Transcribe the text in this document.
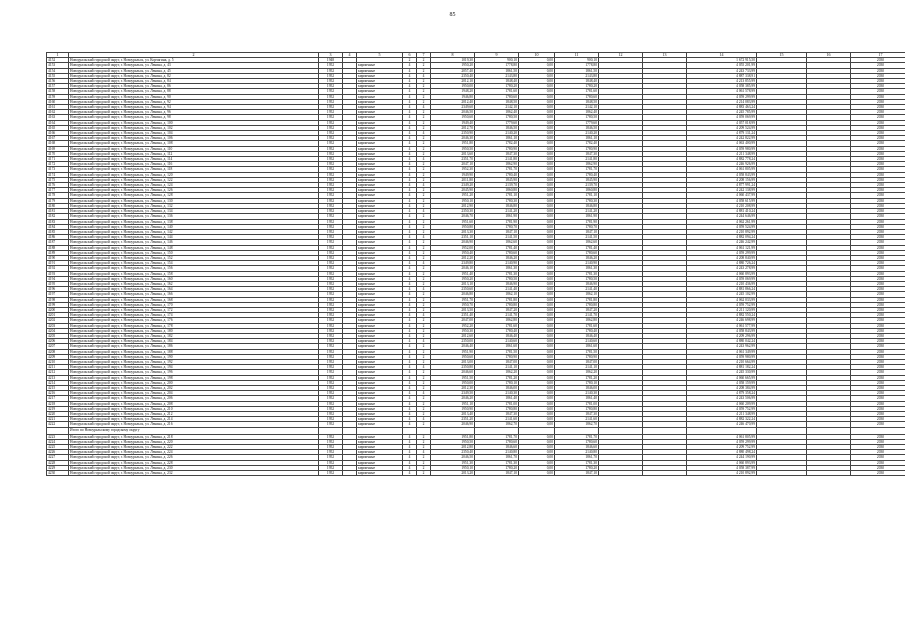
85
1	2	3	4	5	6	7	8	9	10	11	12	13	14	15	16	17
4152	Новоуральский городской округ, г. Новоуральск, ул. Корчагина, д. 5	1948			2	2	1019,30	900,10	0,00	900,10			1 672 915,50			2030
4153	Новоуральский городской округ, г. Новоуральск, ул. Ленина, д. 43	1952		кирпичные	4	2	1950,20	1778,80	0,00	1778,80			4 055 201,99			2030
4154	Новоуральский городской округ, г. Новоуральск, ул. Ленина, д. 45	1952		кирпичные	4	2	2057,40	1861,50	0,00	1861,50			4 243 733,99			2030
4155	Новоуральский городской округ, г. Новоуральск, ул. Ленина, д. 82	1952		кирпичные	4	4	2350,40	2143,80	0,00	2143,80			4 887 338,91			2030
4156	Новоуральский городской округ, г. Новоуральск, ул. Ленина, д. 84	1952		кирпичные	4	2	2012,10	1848,40	0,00	1848,40			4 213 855,99			2030
4157	Новоуральский городской округ, г. Новоуральск, ул. Ленина, д. 86	1952		кирпичные	4	2	1950,00	1780,20	0,00	1780,20			4 058 385,99			2030
4158	Новоуральский городской округ, г. Новоуральск, ул. Ленина, д. 88	1952		кирпичные	4	2	1948,20	1781,60	0,00	1781,60			4 061 578,99			2030
4159	Новоуральский городской округ, г. Новоуральск, ул. Ленина, д. 90	1952		кирпичные	4	2	1946,80	1780,60	0,00	1780,60			4 059 299,99			2030
4160	Новоуральский городской округ, г. Новоуральск, ул. Ленина, д. 92	1952		кирпичные	4	2	2012,40	1848,50	0,00	1848,50			4 214 083,99			2030
4161	Новоуральский городской округ, г. Новоуральск, ул. Ленина, д. 94	1952		кирпичные	4	4	2349,60	2142,10	0,00	2142,10			4 883 463,24			2030
4162	Новоуральский городской округ, г. Новоуральск, ул. Ленина, д. 96	1952		кирпичные	4	2	2046,50	1862,40	0,00	1862,40			4 245 785,99			2030
4163	Новоуральский городской округ, г. Новоуральск, ул. Ленина, д. 98	1952		кирпичные	4	2	1950,60	1780,50	0,00	1780,50			4 059 069,99			2030
4164	Новоуральский городской округ, г. Новоуральск, ул. Ленина, д. 100	1952		кирпичные	4	2	1949,40	1779,60	0,00	1779,60			4 057 018,99			2030
4165	Новоуральский городской округ, г. Новоуральск, ул. Ленина, д. 102	1952		кирпичные	4	2	2012,70	1846,50	0,00	1846,50			4 209 524,99			2030
4166	Новоуральский городской округ, г. Новоуральск, ул. Ленина, д. 104	1952		кирпичные	4	4	2350,90	2140,20	0,00	2140,20			4 879 131,24			2030
4167	Новоуральский городской округ, г. Новоуральск, ул. Ленина, д. 106	1952		кирпичные	4	2	2046,30	1861,10	0,00	1861,10			4 242 822,99			2030
4168	Новоуральский городской округ, г. Новоуральск, ул. Ленина, д. 108	1952		кирпичные	4	2	1951,80	1782,40	0,00	1782,40			4 063 400,99			2030
4169	Новоуральский городской округ, г. Новоуральск, ул. Ленина, д. 110	1952		кирпичные	4	2	1950,50	1780,90	0,00	1780,90			4 059 980,99			2030
4170	Новоуральский городской округ, г. Новоуральск, ул. Ленина, д. 112	1952		кирпичные	4	2	2013,60	1847,30	0,00	1847,30			4 211 348,99			2030
4171	Новоуральский городской округ, г. Новоуральск, ул. Ленина, д. 114	1952		кирпичные	4	4	2351,70	2141,80	0,00	2141,80			4 882 778,24			2030
4172	Новоуральский городской округ, г. Новоуральск, ул. Ленина, д. 116	1952		кирпичные	4	2	2047,10	1862,90	0,00	1862,90			4 246 926,99			2030
4173	Новоуральский городской округ, г. Новоуральск, ул. Ленина, д. 118	1952		кирпичные	4	2	1952,30	1781,70	0,00	1781,70			4 061 805,99			2030
4174	Новоуральский городской округ, г. Новоуральск, ул. Ленина, д. 120	1952		кирпичные	4	2	1949,90	1780,40	0,00	1780,40			4 058 843,99			2030
4175	Новоуральский городской округ, г. Новоуральск, ул. Ленина, д. 122	1952		кирпичные	4	2	2011,80	1845,90	0,00	1845,90			4 208 156,99			2030
4176	Новоуральский городской округ, г. Новоуральск, ул. Ленина, д. 124	1952		кирпичные	4	4	2349,20	2139,70	0,00	2139,70			4 877 991,24			2030
4177	Новоуральский городской округ, г. Новоуральск, ул. Ленина, д. 126	1952		кирпичные	4	2	2045,90	1860,80	0,00	1860,80			4 242 138,99			2030
4178	Новоуральский городской округ, г. Новоуральск, ул. Ленина, д. 128	1952		кирпичные	4	2	1951,20	1781,10	0,00	1781,10			4 060 437,99			2030
4179	Новоуральский городской округ, г. Новоуральск, ул. Ленина, д. 130	1952		кирпичные	4	2	1950,10	1780,30	0,00	1780,30			4 058 615,99			2030
4180	Новоуральский городской округ, г. Новоуральск, ул. Ленина, д. 132	1952		кирпичные	4	2	2012,90	1846,80	0,00	1846,80			4 210 208,99			2030
4181	Новоуральский городской округ, г. Новоуральск, ул. Ленина, д. 134	1952		кирпичные	4	4	2350,30	2141,20	0,00	2141,20			4 881 410,24			2030
4182	Новоуральский городской округ, г. Новоуральск, ул. Ленина, д. 136	1952		кирпичные	4	2	2046,70	1861,90	0,00	1861,90			4 244 646,99			2030
4183	Новоуральский городской округ, г. Новоуральск, ул. Ленина, д. 138	1952		кирпичные	4	2	1951,60	1781,90	0,00	1781,90			4 062 261,99			2030
4184	Новоуральский городской округ, г. Новоуральск, ул. Ленина, д. 140	1952		кирпичные	4	2	1950,80	1780,70	0,00	1780,70			4 059 524,99			2030
4185	Новоуральский городской округ, г. Новоуральск, ул. Ленина, д. 142	1952		кирпичные	4	2	2013,30	1847,10	0,00	1847,10			4 210 892,99			2030
4186	Новоуральский городской округ, г. Новоуральск, ул. Ленина, д. 144	1952		кирпичные	4	4	2351,10	2141,50	0,00	2141,50			4 882 094,24			2030
4187	Новоуральский городской округ, г. Новоуральск, ул. Ленина, д. 146	1952		кирпичные	4	2	2046,90	1862,60	0,00	1862,60			4 246 242,99			2030
4188	Новоуральский городской округ, г. Новоуральск, ул. Ленина, д. 148	1952		кирпичные	4	2	1952,00	1781,40	0,00	1781,40			4 061 121,99			2030
4189	Новоуральский городской округ, г. Новоуральск, ул. Ленина, д. 150	1952		кирпичные	4	2	1950,40	1780,60	0,00	1780,60			4 059 299,99			2030
4190	Новоуральский городской округ, г. Новоуральск, ул. Ленина, д. 152	1952		кирпичные	4	2	2012,20	1846,20	0,00	1846,20			4 208 840,99			2030
4191	Новоуральский городской округ, г. Новоуральск, ул. Ленина, д. 154	1952		кирпичные	4	4	2349,80	2140,90	0,00	2140,90			4 880 726,24			2030
4192	Новоуральский городской округ, г. Новоуральск, ул. Ленина, д. 156	1952		кирпичные	4	2	2046,10	1861,30	0,00	1861,30			4 243 278,99			2030
4193	Новоуральский городской округ, г. Новоуральск, ул. Ленина, д. 158	1952		кирпичные	4	2	1951,40	1781,30	0,00	1781,30			4 060 893,99			2030
4194	Новоуральский городской округ, г. Новоуральск, ул. Ленина, д. 160	1952		кирпичные	4	2	1950,20	1780,50	0,00	1780,50			4 059 069,99			2030
4195	Новоуральский городской округ, г. Новоуральск, ул. Ленина, д. 162	1952		кирпичные	4	2	2013,10	1846,90	0,00	1846,90			4 210 436,99			2030
4196	Новоуральский городской округ, г. Новоуральск, ул. Ленина, д. 164	1952		кирпичные	4	4	2350,60	2141,40	0,00	2141,40			4 881 866,24			2030
4197	Новоуральский городской округ, г. Новоуральск, ул. Ленина, д. 166	1952		кирпичные	4	2	2046,80	1862,10	0,00	1862,10			4 245 102,99			2030
4198	Новоуральский городской округ, г. Новоуральск, ул. Ленина, д. 168	1952		кирпичные	4	2	1951,70	1781,80	0,00	1781,80			4 062 033,99			2030
4199	Новоуральский городской округ, г. Новоуральск, ул. Ленина, д. 170	1952		кирпичные	4	2	1950,70	1780,80	0,00	1780,80			4 059 752,99			2030
4200	Новоуральский городской округ, г. Новоуральск, ул. Ленина, д. 172	1952		кирпичные	4	2	2013,50	1847,20	0,00	1847,20			4 211 120,99			2030
4201	Новоуральский городской округ, г. Новоуральск, ул. Ленина, д. 174	1952		кирпичные	4	4	2351,40	2141,70	0,00	2141,70			4 882 550,24			2030
4202	Новоуральский городской округ, г. Новоуральск, ул. Ленина, д. 176	1952		кирпичные	4	2	2047,00	1862,80	0,00	1862,80			4 246 698,99			2030
4203	Новоуральский городской округ, г. Новоуральск, ул. Ленина, д. 178	1952		кирпичные	4	2	1952,20	1781,60	0,00	1781,60			4 061 577,99			2030
4204	Новоуральский городской округ, г. Новоуральск, ул. Ленина, д. 180	1952		кирпичные	4	2	1950,30	1780,40	0,00	1780,40			4 058 843,99			2030
4205	Новоуральский городской округ, г. Новоуральск, ул. Ленина, д. 182	1952		кирпичные	4	2	2012,60	1846,40	0,00	1846,40			4 209 296,99			2030
4206	Новоуральский городской округ, г. Новоуральск, ул. Ленина, д. 184	1952		кирпичные	4	4	2350,00	2140,60	0,00	2140,60			4 880 042,24			2030
4207	Новоуральский городской округ, г. Новоуральск, ул. Ленина, д. 186	1952		кирпичные	4	2	2046,40	1861,60	0,00	1861,60			4 243 962,99			2030
4208	Новоуральский городской округ, г. Новоуральск, ул. Ленина, д. 188	1952		кирпичные	4	2	1951,90	1781,50	0,00	1781,50			4 061 349,99			2030
4209	Новоуральский городской округ, г. Новоуральск, ул. Ленина, д. 190	1952		кирпичные	4	2	1950,60	1780,90	0,00	1780,90			4 059 980,99			2030
4210	Новоуральский городской округ, г. Новоуральск, ул. Ленина, д. 192	1952		кирпичные	4	2	2013,00	1847,00	0,00	1847,00			4 210 664,99			2030
4211	Новоуральский городской округ, г. Новоуральск, ул. Ленина, д. 194	1952		кирпичные	4	4	2350,80	2141,10	0,00	2141,10			4 881 182,24			2030
4212	Новоуральский городской округ, г. Новоуральск, ул. Ленина, д. 196	1952		кирпичные	4	2	2046,60	1862,20	0,00	1862,20			4 245 330,99			2030
4213	Новоуральский городской округ, г. Новоуральск, ул. Ленина, д. 198	1952		кирпичные	4	2	1951,50	1781,20	0,00	1781,20			4 060 665,99			2030
4214	Новоуральский городской округ, г. Новоуральск, ул. Ленина, д. 200	1952		кирпичные	4	2	1950,00	1780,10	0,00	1780,10			4 058 159,99			2030
4215	Новоуральский городской округ, г. Новоуральск, ул. Ленина, д. 202	1952		кирпичные	4	2	2012,30	1846,00	0,00	1846,00			4 208 384,99			2030
4216	Новоуральский городской округ, г. Новоуральск, ул. Ленина, д. 204	1952		кирпичные	4	4	2349,50	2140,30	0,00	2140,30			4 879 358,24			2030
4217	Новоуральский городской округ, г. Новоуральск, ул. Ленина, д. 206	1952		кирпичные	4	2	2046,20	1861,40	0,00	1861,40			4 243 506,99			2030
4218	Новоуральский городской округ, г. Новоуральск, ул. Ленина, д. 208	1952		кирпичные	4	2	1951,10	1781,00	0,00	1781,00			4 060 209,99			2030
4219	Новоуральский городской округ, г. Новоуральск, ул. Ленина, д. 210	1952		кирпичные	4	2	1950,90	1780,80	0,00	1780,80			4 059 752,99			2030
4220	Новоуральский городской округ, г. Новоуральск, ул. Ленина, д. 212	1952		кирпичные	4	2	2013,40	1847,30	0,00	1847,30			4 211 348,99			2030
4221	Новоуральский городской округ, г. Новоуральск, ул. Ленина, д. 214	1952		кирпичные	4	4	2351,20	2141,60	0,00	2141,60			4 882 322,24			2030
4222	Новоуральский городской округ, г. Новоуральск, ул. Ленина, д. 216	1952		кирпичные	4	2	2046,90	1862,70	0,00	1862,70			4 246 470,99			2030
	Итого по Новоуральскому городскому округу															
4223	Новоуральский городской округ, г. Новоуральск, ул. Ленина, д. 218	1952		кирпичные	4	2	1951,80	1781,70	0,00	1781,70			4 061 805,99			2030
4224	Новоуральский городской округ, г. Новоуральск, ул. Ленина, д. 220	1952		кирпичные	4	2	1950,50	1780,60	0,00	1780,60			4 059 299,99			2030
4225	Новоуральский городской округ, г. Новоуральск, ул. Ленина, д. 222	1952		кирпичные	4	2	2012,80	1846,60	0,00	1846,60			4 209 752,99			2030
4226	Новоуральский городской округ, г. Новоуральск, ул. Ленина, д. 224	1952		кирпичные	4	4	2350,40	2140,80	0,00	2140,80			4 880 498,24			2030
4227	Новоуральский городской округ, г. Новоуральск, ул. Ленина, д. 226	1952		кирпичные	4	2	2046,50	1861,70	0,00	1861,70			4 244 190,99			2030
4228	Новоуральский городской округ, г. Новоуральск, ул. Ленина, д. 228	1952		кирпичные	4	2	1951,30	1781,30	0,00	1781,30			4 060 893,99			2030
4229	Новоуральский городской округ, г. Новоуральск, ул. Ленина, д. 230	1952		кирпичные	4	2	1950,10	1780,20	0,00	1780,20			4 058 387,99			2030
4230	Новоуральский городской округ, г. Новоуральск, ул. Ленина, д. 232	1952		кирпичные	4	2	2013,20	1847,10	0,00	1847,10			4 210 892,99			2030
